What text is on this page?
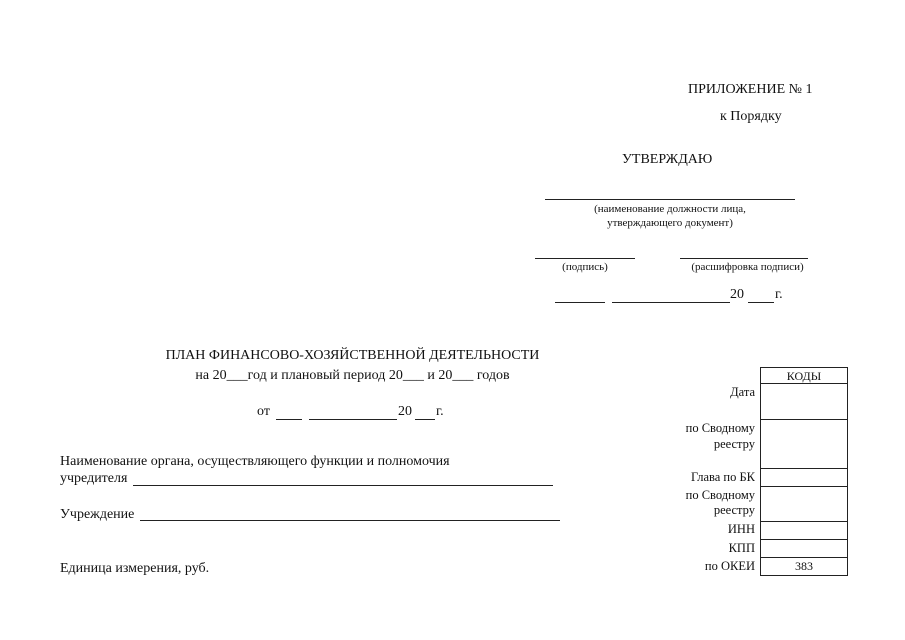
ПРИЛОЖЕНИЕ № 1
к Порядку
УТВЕРЖДАЮ
(наименование должности лица,
утверждающего документ)
(подпись)	(расшифровка подписи)
20 г.
ПЛАН ФИНАНСОВО-ХОЗЯЙСТВЕННОЙ ДЕЯТЕЛЬНОСТИ
на 20___год и плановый период 20___ и 20___ годов
от	20 г.
Наименование органа, осуществляющего функции и полномочия
учредителя
Учреждение
Единица измерения, руб.
Дата
по Сводному
реестру
Глава по БК
по Сводному
реестру
ИНН
КПП
по ОКЕИ
КОДЫ
383
